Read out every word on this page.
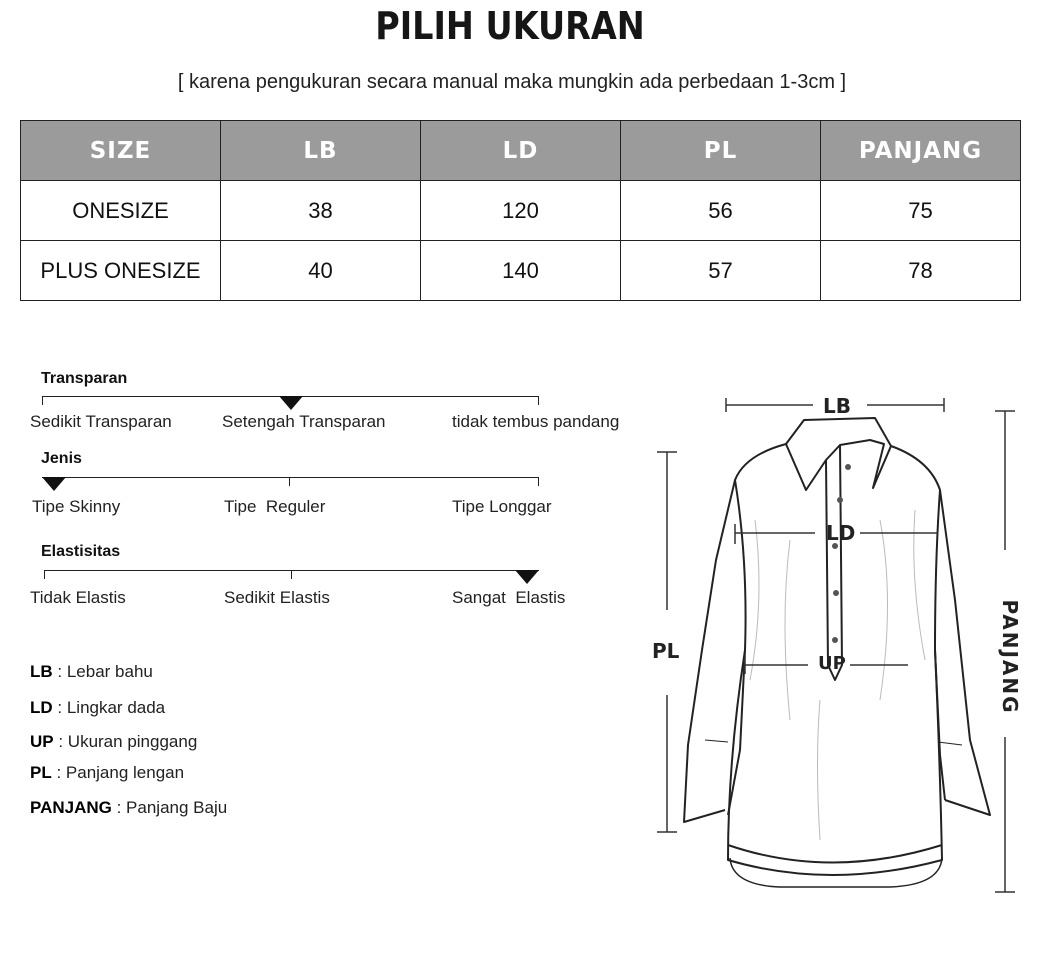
PILIH UKURAN
[ karena pengukuran secara manual maka mungkin ada perbedaan 1-3cm ]
SIZE	LB	LD	PL	PANJANG
ONESIZE	38	120	56	75
PLUS ONESIZE	40	140	57	78
Transparan
Sedikit Transparan	Setengah Transparan	tidak tembus pandang
Jenis
Tipe Skinny	Tipe  Reguler	Tipe Longgar
Elastisitas
Tidak Elastis	Sedikit Elastis	Sangat  Elastis
LB : Lebar bahu
LD : Lingkar dada
UP : Ukuran pinggang
PL : Panjang lengan
PANJANG : Panjang Baju
LB
LD
UP
PL	PANJANG
